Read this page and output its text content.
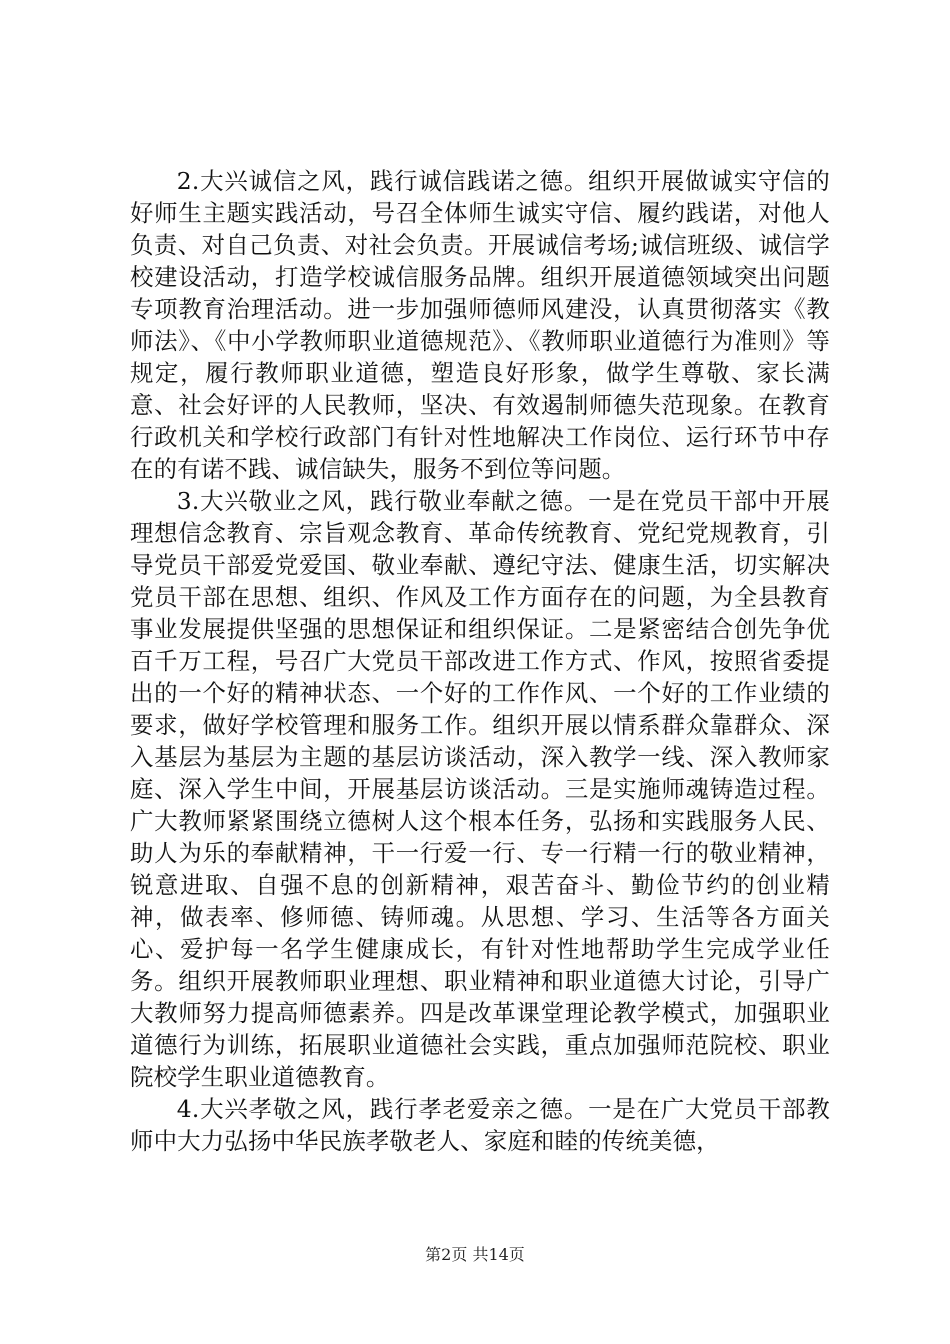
2.大兴诚信之风，践行诚信践诺之德。组织开展做诚实守信的好师生主题实践活动，号召全体师生诚实守信、履约践诺，对他人负责、对自己负责、对社会负责。开展诚信考场;诚信班级、诚信学校建设活动，打造学校诚信服务品牌。组织开展道德领域突出问题专项教育治理活动。进一步加强师德师风建没，认真贯彻落实《教师法》、《中小学教师职业道德规范》、《教师职业道德行为准则》等规定，履行教师职业道德，塑造良好形象，做学生尊敬、家长满意、社会好评的人民教师，坚决、有效遏制师德失范现象。在教育行政机关和学校行政部门有针对性地解决工作岗位、运行环节中存在的有诺不践、诚信缺失，服务不到位等问题。

3.大兴敬业之风，践行敬业奉献之德。一是在党员干部中开展理想信念教育、宗旨观念教育、革命传统教育、党纪党规教育，引导党员干部爱党爱国、敬业奉献、遵纪守法、健康生活，切实解决党员干部在思想、组织、作风及工作方面存在的问题，为全县教育事业发展提供坚强的思想保证和组织保证。二是紧密结合创先争优百千万工程，号召广大党员干部改进工作方式、作风，按照省委提出的一个好的精神状态、一个好的工作作风、一个好的工作业绩的要求，做好学校管理和服务工作。组织开展以情系群众靠群众、深入基层为基层为主题的基层访谈活动，深入教学一线、深入教师家庭、深入学生中间，开展基层访谈活动。三是实施师魂铸造过程。广大教师紧紧围绕立德树人这个根本任务，弘扬和实践服务人民、助人为乐的奉献精神，干一行爱一行、专一行精一行的敬业精神，锐意进取、自强不息的创新精神，艰苦奋斗、勤俭节约的创业精神，做表率、修师德、铸师魂。从思想、学习、生活等各方面关心、爱护每一名学生健康成长，有针对性地帮助学生完成学业任务。组织开展教师职业理想、职业精神和职业道德大讨论，引导广大教师努力提高师德素养。四是改革课堂理论教学模式，加强职业道德行为训练，拓展职业道德社会实践，重点加强师范院校、职业院校学生职业道德教育。

4.大兴孝敬之风，践行孝老爱亲之德。一是在广大党员干部教师中大力弘扬中华民族孝敬老人、家庭和睦的传统美德，

第2页 共14页
